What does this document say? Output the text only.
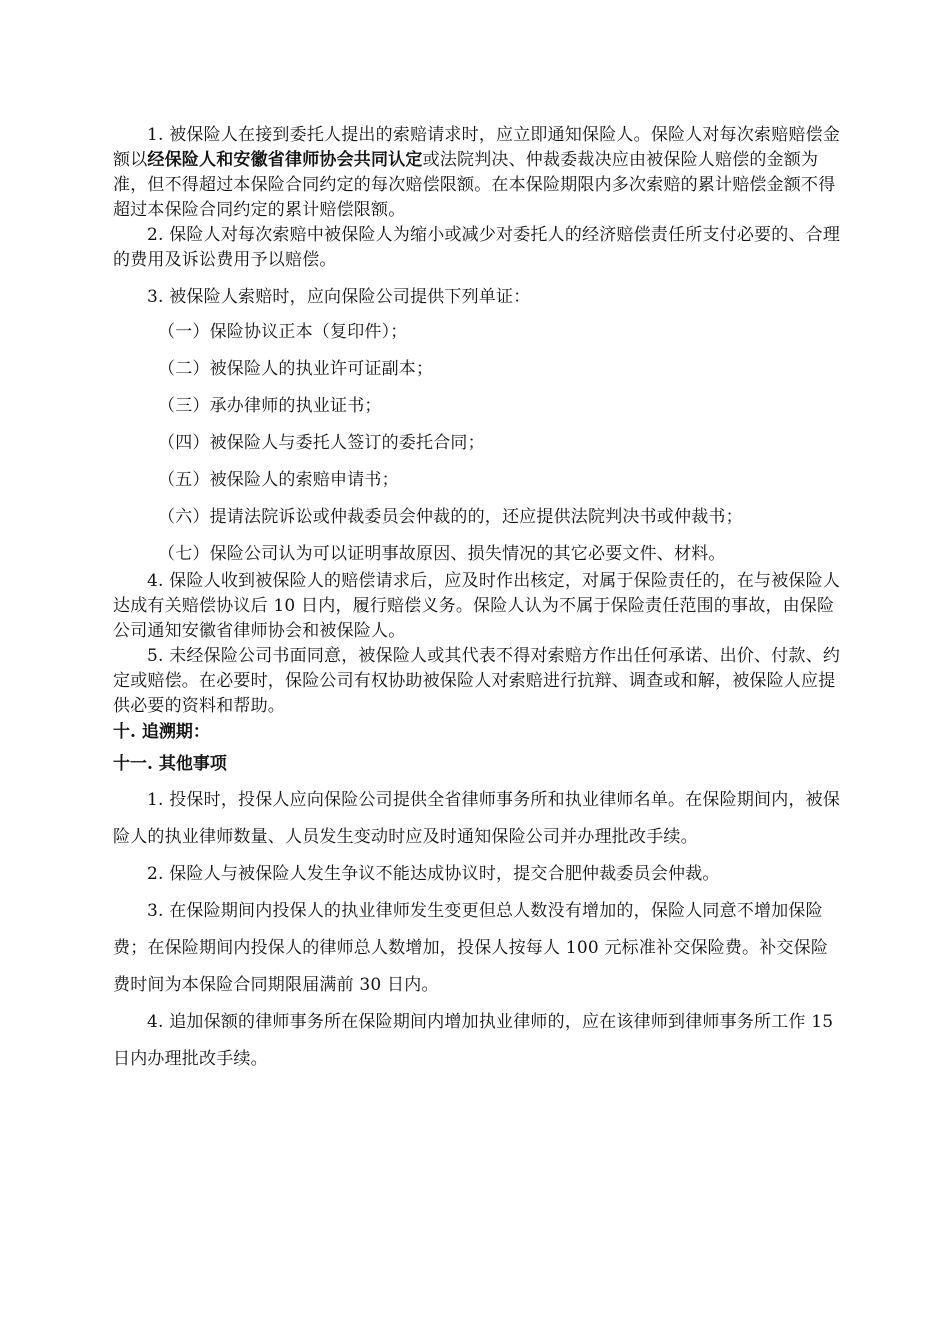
1. 被保险人在接到委托人提出的索赔请求时，应立即通知保险人。保险人对每次索赔赔偿金额以经保险人和安徽省律师协会共同认定或法院判决、仲裁委裁决应由被保险人赔偿的金额为准，但不得超过本保险合同约定的每次赔偿限额。在本保险期限内多次索赔的累计赔偿金额不得超过本保险合同约定的累计赔偿限额。

2. 保险人对每次索赔中被保险人为缩小或减少对委托人的经济赔偿责任所支付必要的、合理的费用及诉讼费用予以赔偿。

3. 被保险人索赔时，应向保险公司提供下列单证：

（一）保险协议正本（复印件）；
（二）被保险人的执业许可证副本；
（三）承办律师的执业证书；
（四）被保险人与委托人签订的委托合同；
（五）被保险人的索赔申请书；
（六）提请法院诉讼或仲裁委员会仲裁的的，还应提供法院判决书或仲裁书；
（七）保险公司认为可以证明事故原因、损失情况的其它必要文件、材料。

4. 保险人收到被保险人的赔偿请求后，应及时作出核定，对属于保险责任的，在与被保险人达成有关赔偿协议后 10 日内，履行赔偿义务。保险人认为不属于保险责任范围的事故，由保险公司通知安徽省律师协会和被保险人。

5. 未经保险公司书面同意，被保险人或其代表不得对索赔方作出任何承诺、出价、付款、约定或赔偿。在必要时，保险公司有权协助被保险人对索赔进行抗辩、调查或和解，被保险人应提供必要的资料和帮助。

十. 追溯期：
十一. 其他事项

1. 投保时，投保人应向保险公司提供全省律师事务所和执业律师名单。在保险期间内，被保险人的执业律师数量、人员发生变动时应及时通知保险公司并办理批改手续。

2. 保险人与被保险人发生争议不能达成协议时，提交合肥仲裁委员会仲裁。

3. 在保险期间内投保人的执业律师发生变更但总人数没有增加的，保险人同意不增加保险费；在保险期间内投保人的律师总人数增加，投保人按每人 100 元标准补交保险费。补交保险费时间为本保险合同期限届满前 30 日内。

4. 追加保额的律师事务所在保险期间内增加执业律师的，应在该律师到律师事务所工作 15 日内办理批改手续。
